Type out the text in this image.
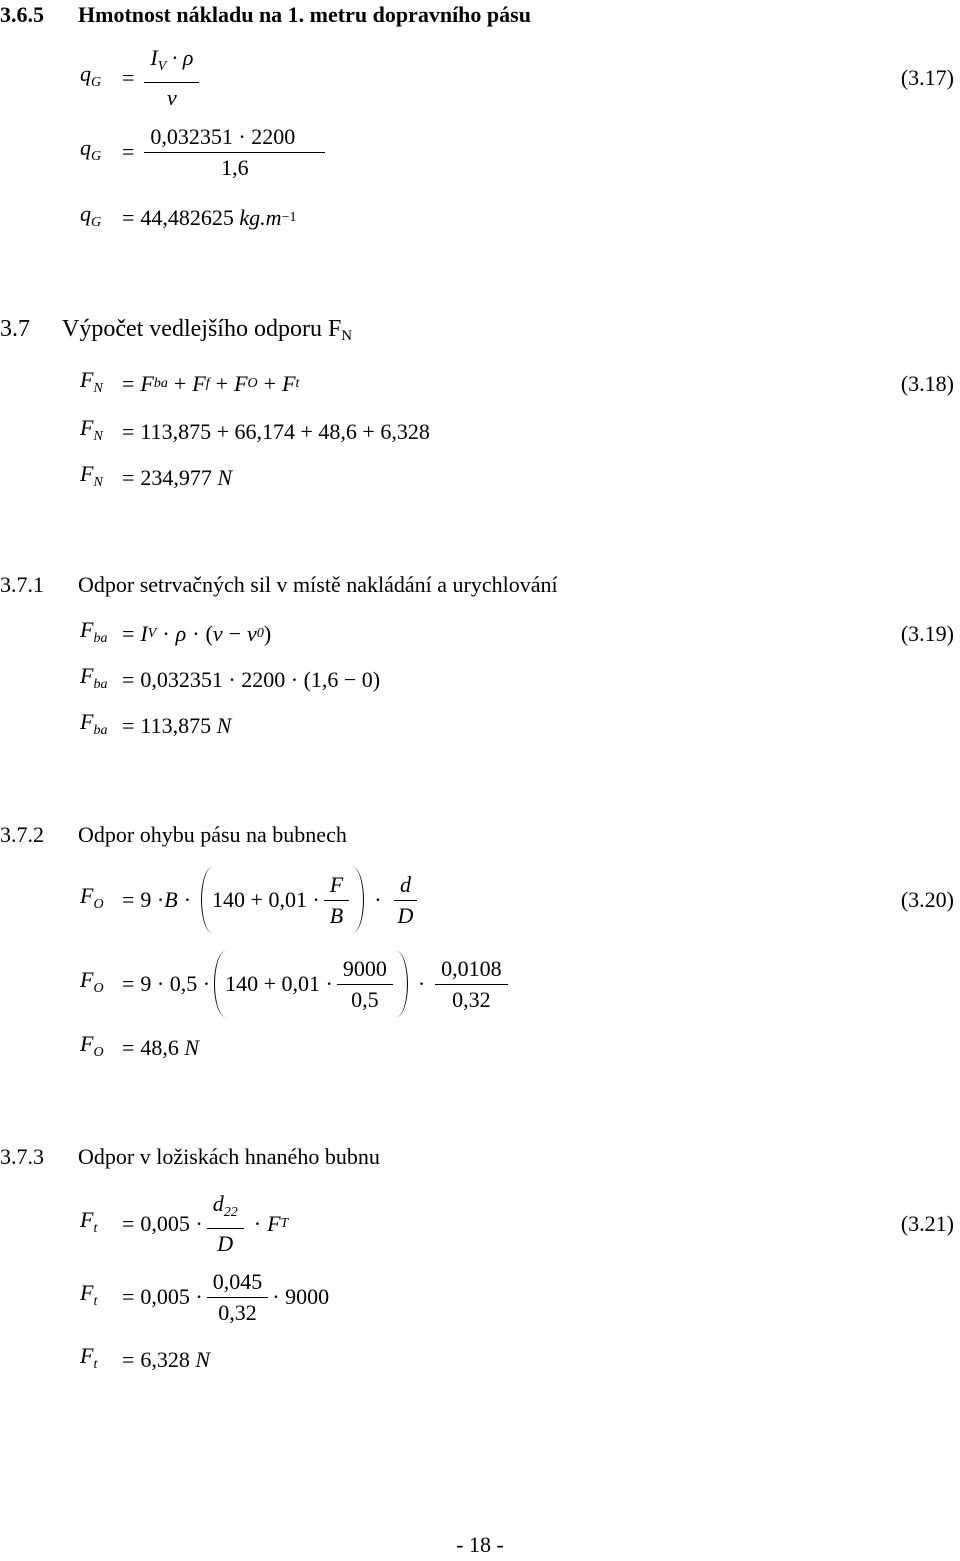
3.6.5 Hmotnost nákladu na 1. metru dopravního pásu
$q_G = \frac{I_V \cdot \rho}{v}$	(3.17)
$q_G = \frac{0,032351 \cdot 2200}{1,6}$
$q_G = 44,482625$
kg.m −1
3.7 Výpočet vedlejšího odporu $F_N$
$F_N = F$ ba + F f + F O + F t	(3.18)
$F_N = 113,875 + 66,174 + 48,6 + 6,328$
$F_N = 234,977$
N
3.7.1 Odpor setrvačných sil v místě nakládání a urychlování
$F_{ba} = I$ V · ρ · ( v − v 0 )	(3.19)
$F_{ba} = 0,032351 \cdot 2200 \cdot (1,6 - 0)$
$F_{ba} = 113,875$
N
3.7.2 Odpor ohybu pásu na bubnech
$F_O = 9 \cdot B \cdot 140 + 0,01 \cdot \frac{F}{B} \cdot \frac{d}{D}$	(3.20)
$F_O = 9 \cdot 0,5 \cdot 140 + 0,01 \cdot \frac{9000}{0,5} \cdot \frac{0,0108}{0,32}$
$F_O = 48,6$
N
3.7.3 Odpor v ložiskách hnaného bubnu
$F_t$	= $0,005 \cdot \frac{d_{22}}{D} \cdot F$ T	(3.21)
$F_t$	= $0,005 \cdot \frac{0,045}{0,32} \cdot 9000$
$F_t$	= 6,328
N
- 18 -
